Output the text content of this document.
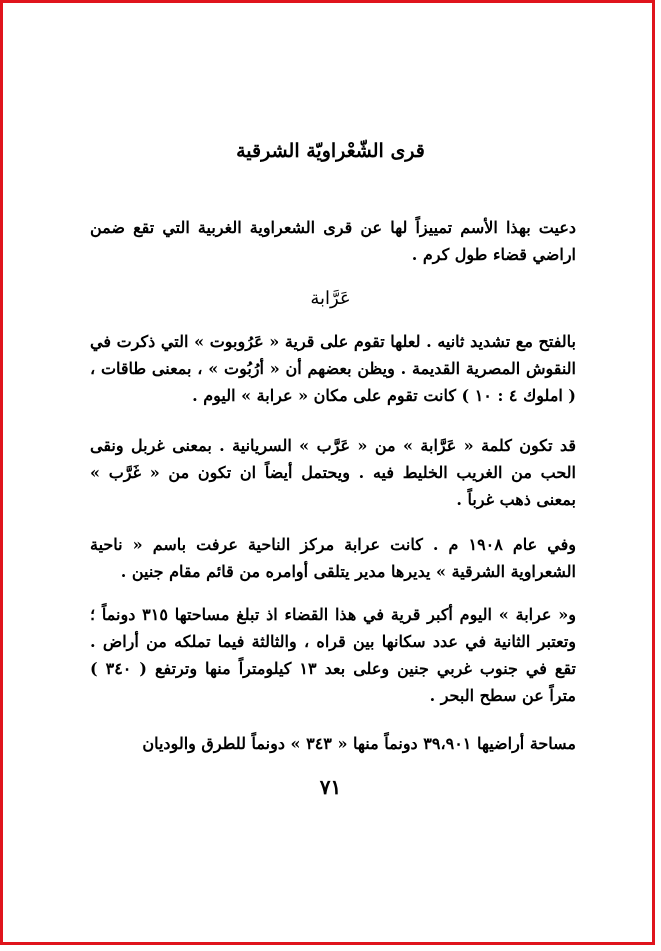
قرى الشّعْراويّة الشرقية
دعيت بهذا الأسم تمييزاً لها عن قرى الشعراوية الغربية التي تقع ضمن اراضي قضاء طول كرم .
عَرَّابة
بالفتح مع تشديد ثانيه . لعلها تقوم على قرية « عَرُوبوت » التي ذكرت في النقوش المصرية القديمة . ويظن بعضهم أن « أرُبُوت » ، بمعنى طاقات ، ( املوك ٤ : ١٠ ) كانت تقوم على مكان « عرابة » اليوم .
قد تكون كلمة « عَرَّابة » من « عَرَّب » السريانية . بمعنى غربل ونقى الحب من الغريب الخليط فيه . ويحتمل أيضاً ان تكون من « غَرَّب » بمعنى ذهب غرباً .
وفي عام ١٩٠٨ م . كانت عرابة مركز الناحية عرفت باسم « ناحية الشعراوية الشرقية » يديرها مدير يتلقى أوامره من قائم مقام جنين .
و« عرابة » اليوم أكبر قرية في هذا القضاء اذ تبلغ مساحتها ٣١٥ دونماً ؛ وتعتبر الثانية في عدد سكانها بين قراه ، والثالثة فيما تملكه من أراض . تقع في جنوب غربي جنين وعلى بعد ١٣ كيلومتراً منها وترتفع ( ٣٤٠ ) متراً عن سطح البحر .
مساحة أراضيها ٣٩،٩٠١ دونماً منها « ٣٤٣ » دونماً للطرق والوديان
٧١
